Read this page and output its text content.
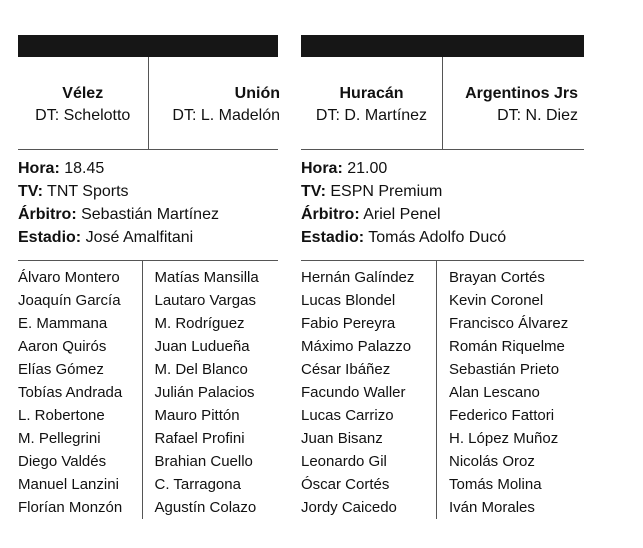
Vélez
DT: Schelotto
Unión
DT: L. Madelón
Hora: 18.45
TV: TNT Sports
Árbitro: Sebastián Martínez
Estadio: José Amalfitani
Álvaro Montero
Joaquín García
E. Mammana
Aaron Quirós
Elías Gómez
Tobías Andrada
L. Robertone
M. Pellegrini
Diego Valdés
Manuel Lanzini
Florían Monzón
Matías Mansilla
Lautaro Vargas
M. Rodríguez
Juan Ludueña
M. Del Blanco
Julián Palacios
Mauro Pittón
Rafael Profini
Brahian Cuello
C. Tarragona
Agustín Colazo
Huracán
DT: D. Martínez
Argentinos Jrs
DT: N. Diez
Hora: 21.00
TV: ESPN Premium
Árbitro: Ariel Penel
Estadio: Tomás Adolfo Ducó
Hernán Galíndez
Lucas Blondel
Fabio Pereyra
Máximo Palazzo
César Ibáñez
Facundo Waller
Lucas Carrizo
Juan Bisanz
Leonardo Gil
Óscar Cortés
Jordy Caicedo
Brayan Cortés
Kevin Coronel
Francisco Álvarez
Román Riquelme
Sebastián Prieto
Alan Lescano
Federico Fattori
H. López Muñoz
Nicolás Oroz
Tomás Molina
Iván Morales
